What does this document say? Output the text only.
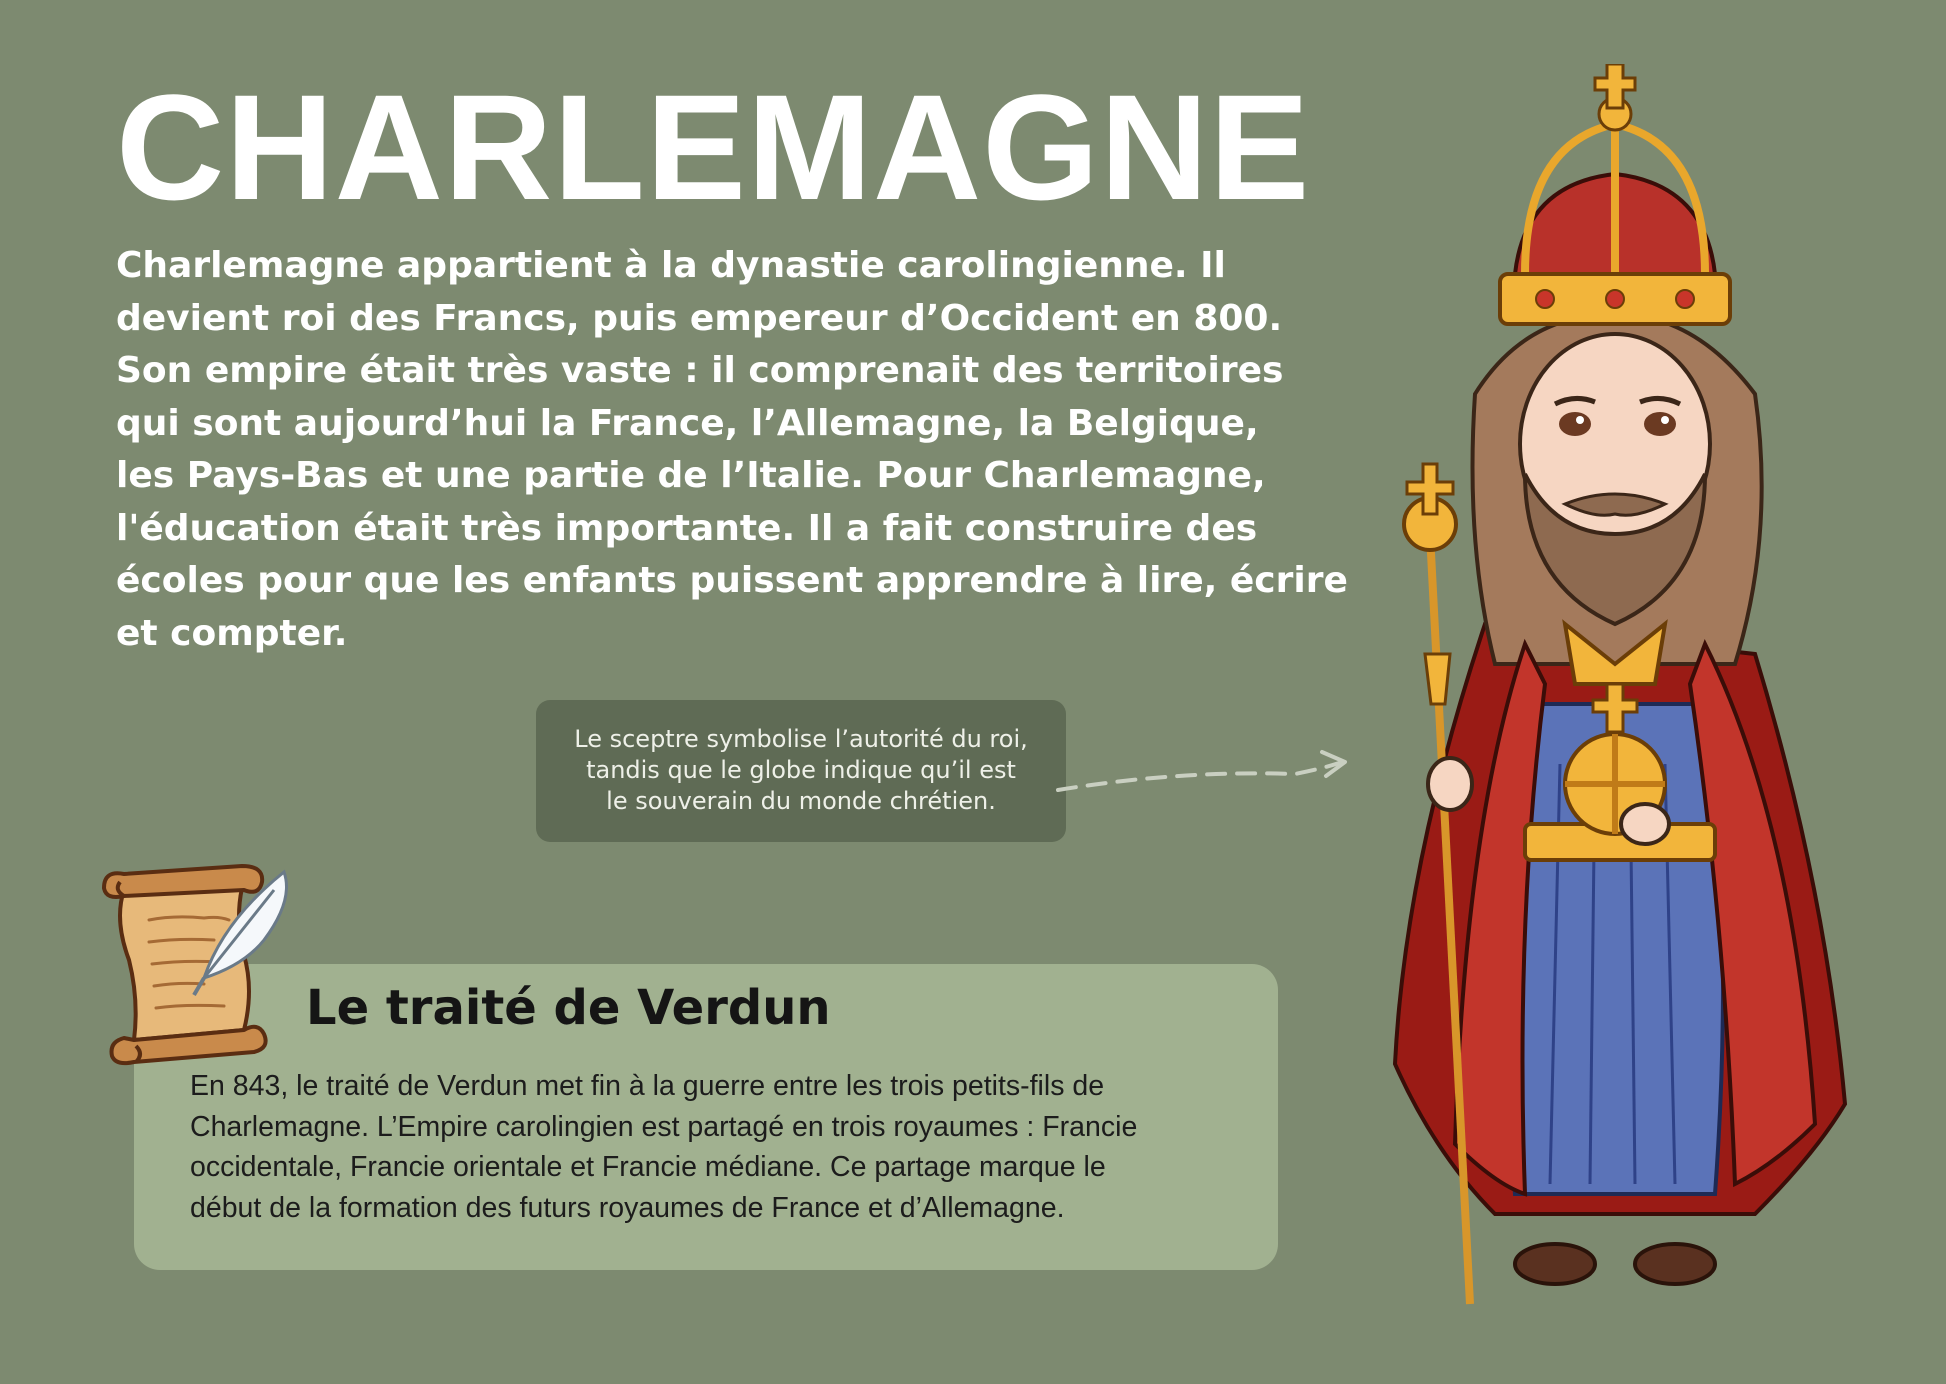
CHARLEMAGNE
Charlemagne appartient à la dynastie carolingienne. Il
devient roi des Francs, puis empereur d’Occident en 800.
Son empire était très vaste : il comprenait des territoires
qui sont aujourd’hui la France, l’Allemagne, la Belgique,
les Pays-Bas et une partie de l’Italie. Pour Charlemagne,
l'éducation était très importante. Il a fait construire des
écoles pour que les enfants puissent apprendre à lire, écrire
et compter.
Le sceptre symbolise l’autorité du roi,
tandis que le globe indique qu’il est
le souverain du monde chrétien.
Le traité de Verdun
En 843, le traité de Verdun met fin à la guerre entre les trois petits-fils de
Charlemagne. L’Empire carolingien est partagé en trois royaumes : Francie
occidentale, Francie orientale et Francie médiane. Ce partage marque le
début de la formation des futurs royaumes de France et d’Allemagne.
